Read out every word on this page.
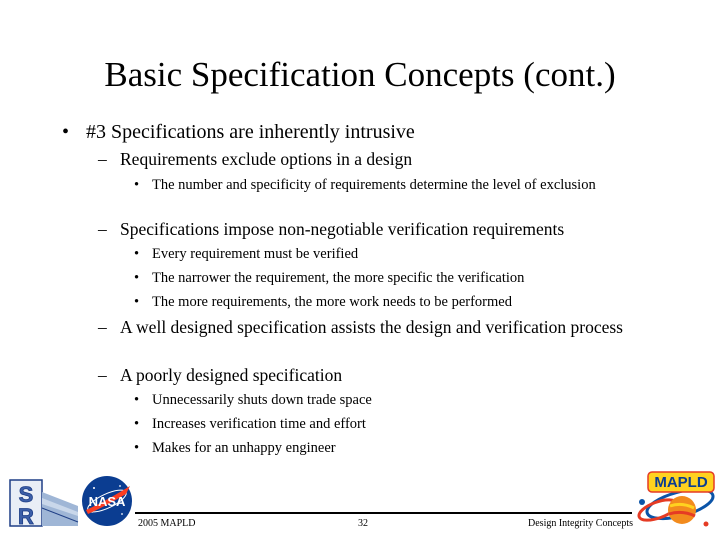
Basic Specification Concepts (cont.)
• #3 Specifications are inherently intrusive
– Requirements exclude options in a design
• The number and specificity of requirements determine the level of exclusion
– Specifications impose non-negotiable verification requirements
• Every requirement must be verified
• The narrower the requirement, the more specific the verification
• The more requirements, the more work needs to be performed
– A well designed specification assists the design and verification process
– A poorly designed specification
• Unnecessarily shuts down trade space
• Increases verification time and effort
• Makes for an unhappy engineer
2005 MAPLD	32	Design Integrity Concepts
S
R
NASA
MAPLD
